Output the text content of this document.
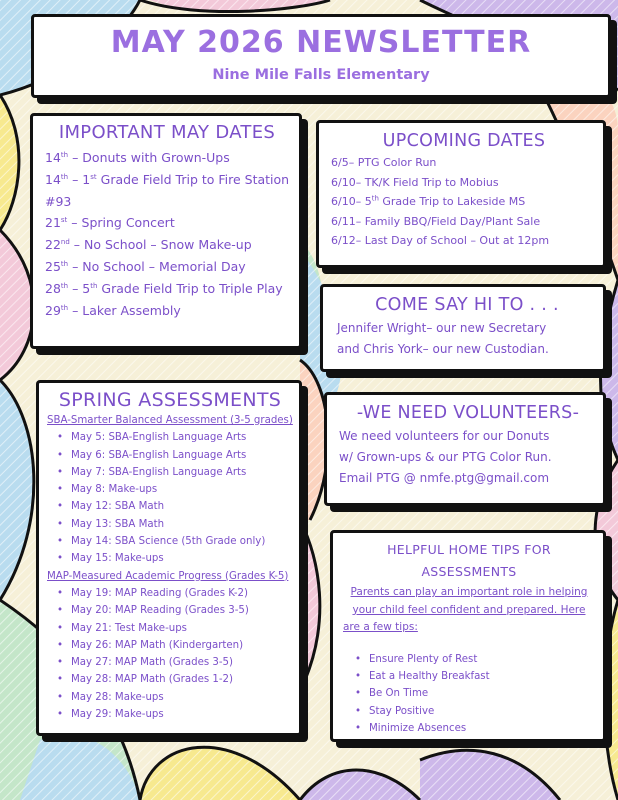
MAY 2026 NEWSLETTER
Nine Mile Falls Elementary
IMPORTANT MAY DATES
14th – Donuts with Grown-Ups
14th – 1st Grade Field Trip to Fire Station #93
21st – Spring Concert
22nd – No School – Snow Make-up
25th – No School – Memorial Day
28th – 5th Grade Field Trip to Triple Play
29th – Laker Assembly
UPCOMING DATES
6/5– PTG Color Run
6/10– TK/K Field Trip to Mobius
6/10– 5th Grade Trip to Lakeside MS
6/11– Family BBQ/Field Day/Plant Sale
6/12– Last Day of School – Out at 12pm
COME SAY HI TO . . .
Jennifer Wright– our new Secretary
and Chris York– our new Custodian.
SPRING ASSESSMENTS
SBA-Smarter Balanced Assessment (3-5 grades)
• May 5: SBA-English Language Arts
• May 6: SBA-English Language Arts
• May 7: SBA-English Language Arts
• May 8: Make-ups
• May 12: SBA Math
• May 13: SBA Math
• May 14: SBA Science (5th Grade only)
• May 15: Make-ups
MAP-Measured Academic Progress (Grades K-5)
• May 19: MAP Reading (Grades K-2)
• May 20: MAP Reading (Grades 3-5)
• May 21: Test Make-ups
• May 26: MAP Math (Kindergarten)
• May 27: MAP Math (Grades 3-5)
• May 28: MAP Math (Grades 1-2)
• May 28: Make-ups
• May 29: Make-ups
-WE NEED VOLUNTEERS-
We need volunteers for our Donuts
w/ Grown-ups & our PTG Color Run.
Email PTG @ nmfe.ptg@gmail.com
HELPFUL HOME TIPS FOR
ASSESSMENTS
Parents can play an important role in helping
your child feel confident and prepared. Here
are a few tips:
• Ensure Plenty of Rest
• Eat a Healthy Breakfast
• Be On Time
• Stay Positive
• Minimize Absences
